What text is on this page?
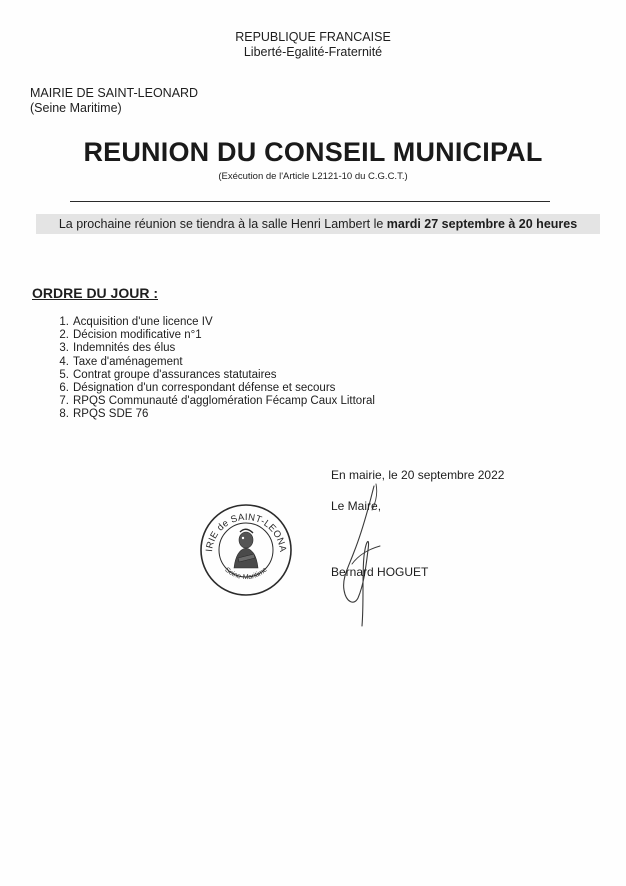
REPUBLIQUE FRANCAISE
Liberté-Egalité-Fraternité
MAIRIE DE SAINT-LEONARD
(Seine Maritime)
REUNION DU CONSEIL MUNICIPAL
(Exécution de l'Article L2121-10 du C.G.C.T.)
La prochaine réunion se tiendra à la salle Henri Lambert le mardi 27 septembre à 20 heures
ORDRE DU JOUR :
1. Acquisition d'une licence IV
2. Décision modificative n°1
3. Indemnités des élus
4. Taxe d'aménagement
5. Contrat groupe d'assurances statutaires
6. Désignation d'un correspondant défense et secours
7. RPQS Communauté d'agglomération Fécamp Caux Littoral
8. RPQS SDE 76
IRIE de SAINT-LEONA
Seine-Maritime
En mairie, le 20 septembre 2022
Le Maire,
Bernard HOGUET
